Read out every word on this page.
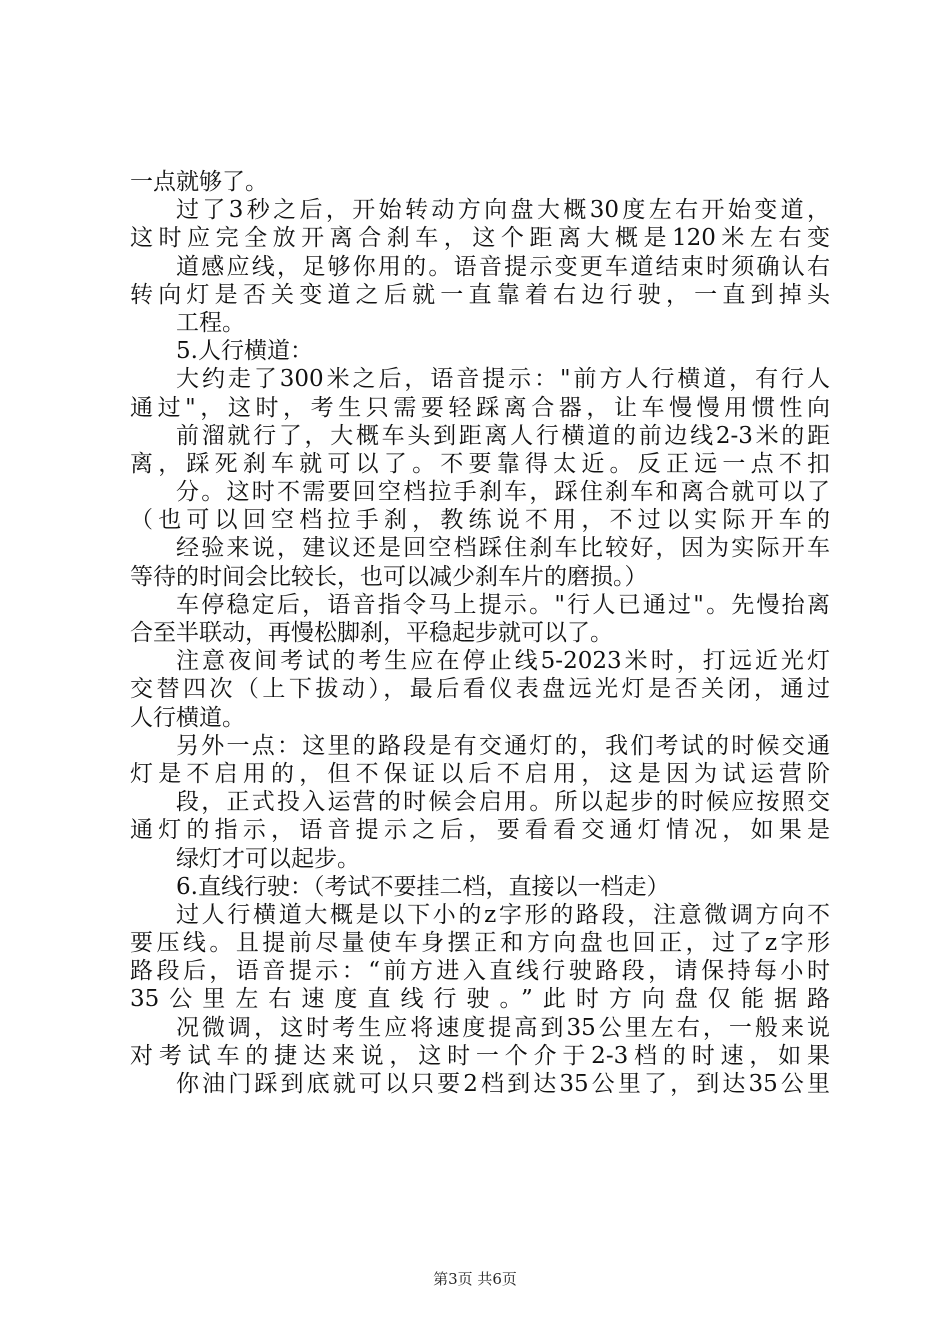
一点就够了。
过了3秒之后，开始转动方向盘大概30度左右开始变道，
这时应完全放开离合刹车，这个距离大概是120米左右变
道感应线，足够你用的。语音提示变更车道结束时须确认右
转向灯是否关变道之后就一直靠着右边行驶，一直到掉头
工程。
5.人行横道：
大约走了300米之后，语音提示："前方人行横道，有行人
通过"，这时，考生只需要轻踩离合器，让车慢慢用惯性向
前溜就行了，大概车头到距离人行横道的前边线2-3米的距
离，踩死刹车就可以了。不要靠得太近。反正远一点不扣
分。这时不需要回空档拉手刹车，踩住刹车和离合就可以了
（也可以回空档拉手刹，教练说不用，不过以实际开车的
经验来说，建议还是回空档踩住刹车比较好，因为实际开车
等待的时间会比较长，也可以减少刹车片的磨损。）
车停稳定后，语音指令马上提示。"行人已通过"。先慢抬离
合至半联动，再慢松脚刹，平稳起步就可以了。
注意夜间考试的考生应在停止线5-2023米时，打远近光灯
交替四次（上下拔动），最后看仪表盘远光灯是否关闭，通过
人行横道。
另外一点：这里的路段是有交通灯的，我们考试的时候交通
灯是不启用的，但不保证以后不启用，这是因为试运营阶
段，正式投入运营的时候会启用。所以起步的时候应按照交
通灯的指示，语音提示之后，要看看交通灯情况，如果是
绿灯才可以起步。
6.直线行驶：（考试不要挂二档，直接以一档走）
过人行横道大概是以下小的z字形的路段，注意微调方向不
要压线。且提前尽量使车身摆正和方向盘也回正，过了z字形
路段后，语音提示：“前方进入直线行驶路段，请保持每小时
35公里左右速度直线行驶。”此时方向盘仅能据路
况微调，这时考生应将速度提高到35公里左右，一般来说
对考试车的捷达来说，这时一个介于2-3档的时速，如果
你油门踩到底就可以只要2档到达35公里了，到达35公里
第3页 共6页
